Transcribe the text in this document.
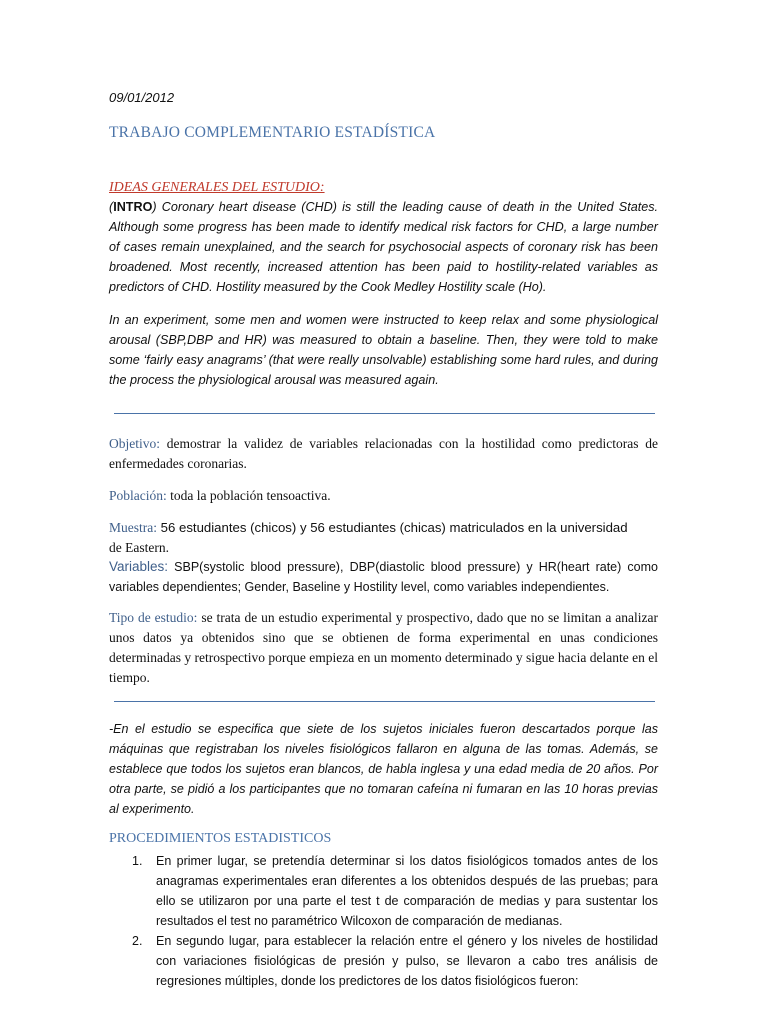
09/01/2012
TRABAJO COMPLEMENTARIO ESTADÍSTICA
IDEAS GENERALES DEL ESTUDIO:
(INTRO) Coronary heart disease (CHD) is still the leading cause of death in the United States. Although some progress has been made to identify medical risk factors for CHD, a large number of cases remain unexplained, and the search for psychosocial aspects of coronary risk has been broadened. Most recently, increased attention has been paid to hostility-related variables as predictors of CHD. Hostility measured by the Cook Medley Hostility scale (Ho).
In an experiment, some men and women were instructed to keep relax and some physiological arousal (SBP,DBP and HR) was measured to obtain a baseline. Then, they were told to make some ‘fairly easy anagrams’ (that were really unsolvable) establishing some hard rules, and during the process the physiological arousal was measured again.
Objetivo: demostrar la validez de variables relacionadas con la hostilidad como predictoras de enfermedades coronarias.
Población: toda la población tensoactiva.
Muestra: 56 estudiantes (chicos) y 56 estudiantes (chicas) matriculados en la universidad
de Eastern.
Variables: SBP(systolic blood pressure), DBP(diastolic blood pressure) y HR(heart rate) como variables dependientes; Gender, Baseline y Hostility level, como variables independientes.
Tipo de estudio: se trata de un estudio experimental y prospectivo, dado que no se limitan a analizar unos datos ya obtenidos sino que se obtienen de forma experimental en unas condiciones determinadas y retrospectivo porque empieza en un momento determinado y sigue hacia delante en el tiempo.
-En el estudio se especifica que siete de los sujetos iniciales fueron descartados porque las máquinas que registraban los niveles fisiológicos fallaron en alguna de las tomas. Además, se establece que todos los sujetos eran blancos, de habla inglesa y una edad media de 20 años. Por otra parte, se pidió a los participantes que no tomaran cafeína ni fumaran en las 10 horas previas al experimento.
PROCEDIMIENTOS ESTADISTICOS
1. En primer lugar, se pretendía determinar si los datos fisiológicos tomados antes de los anagramas experimentales eran diferentes a los obtenidos después de las pruebas; para ello se utilizaron por una parte el test t de comparación de medias y para sustentar los resultados el test no paramétrico Wilcoxon de comparación de medianas.
2. En segundo lugar, para establecer la relación entre el género y los niveles de hostilidad con variaciones fisiológicas de presión y pulso, se llevaron a cabo tres análisis de regresiones múltiples, donde los predictores de los datos fisiológicos fueron:
